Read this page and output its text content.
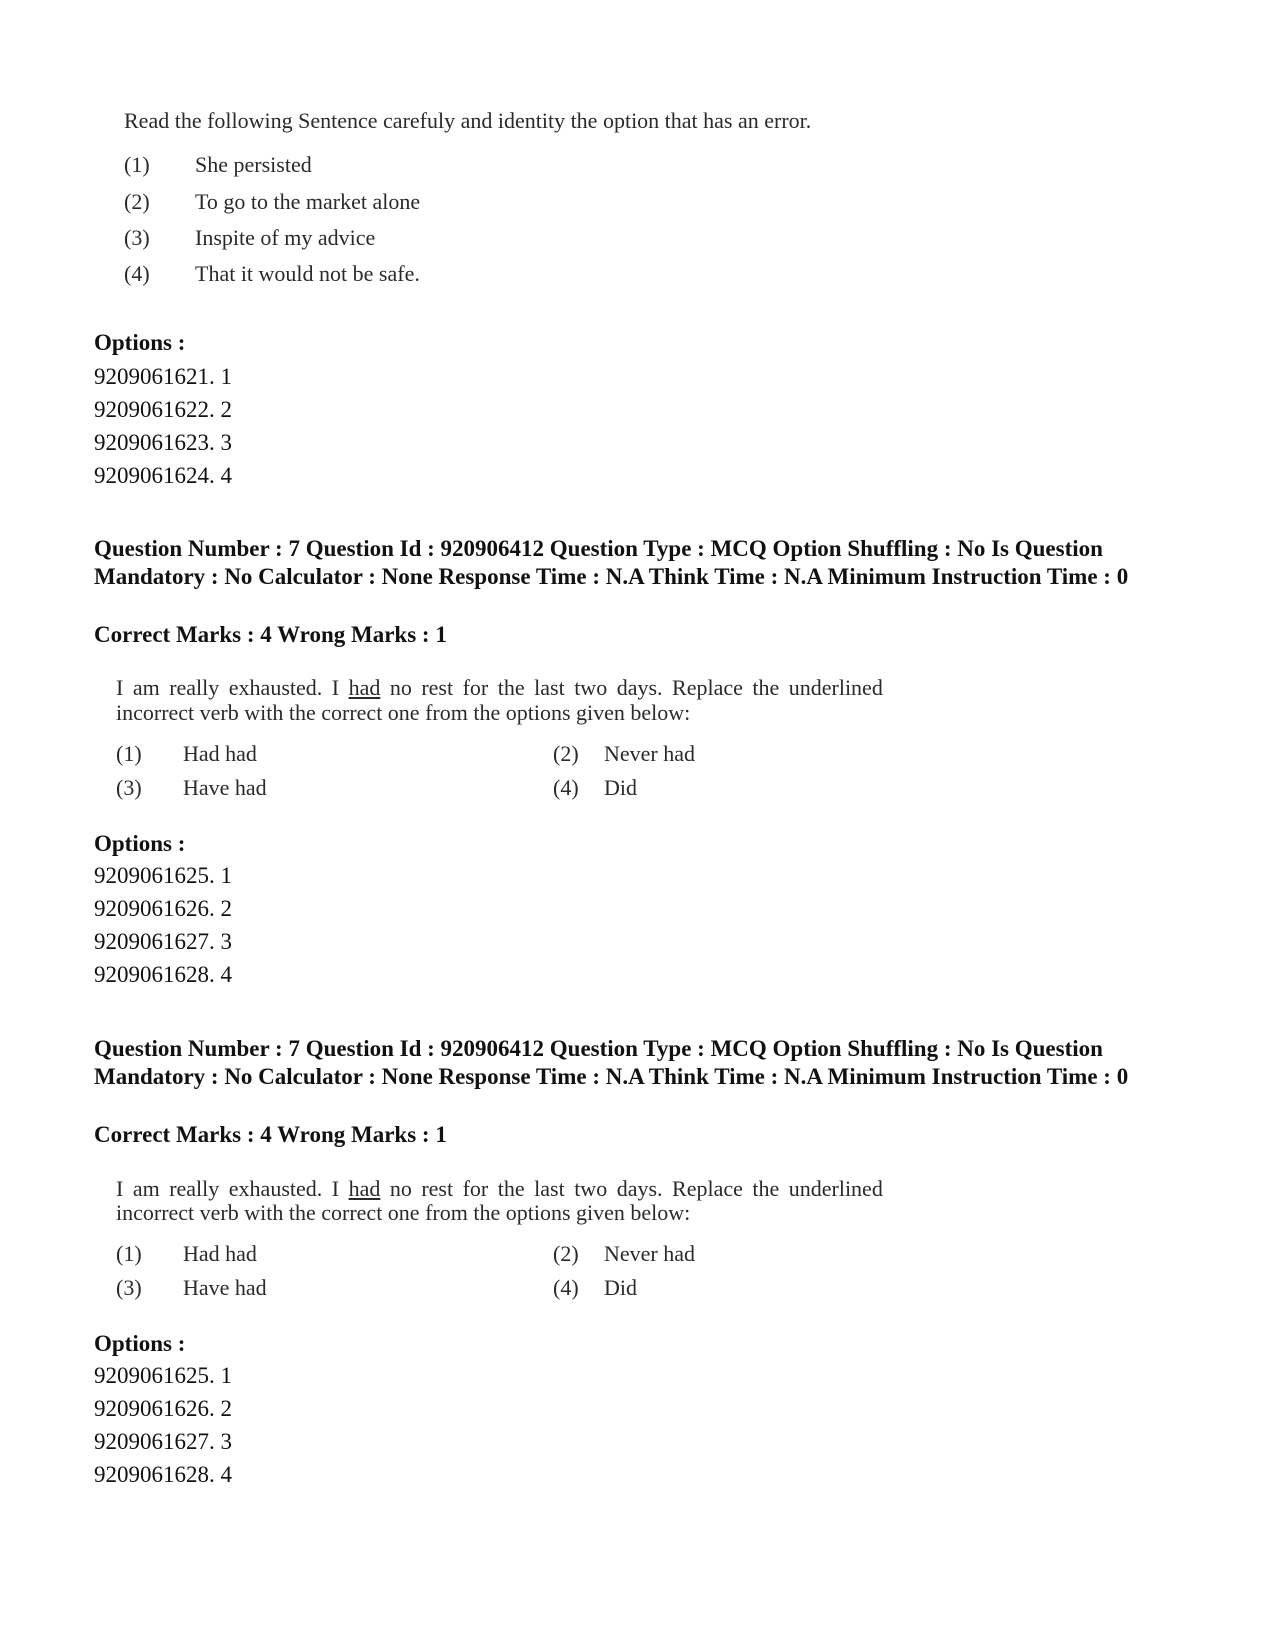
Read the following Sentence carefuly and identity the option that has an error.
(1) She persisted
(2) To go to the market alone
(3) Inspite of my advice
(4) That it would not be safe.
Options :
9209061621. 1
9209061622. 2
9209061623. 3
9209061624. 4
Question Number : 7 Question Id : 920906412 Question Type : MCQ Option Shuffling : No Is Question Mandatory : No Calculator : None Response Time : N.A Think Time : N.A Minimum Instruction Time : 0
Correct Marks : 4 Wrong Marks : 1
I am really exhausted. I had no rest for the last two days. Replace the underlined
incorrect verb with the correct one from the options given below:
(1) Had had	(2) Never had
(3) Have had	(4) Did
Options :
9209061625. 1
9209061626. 2
9209061627. 3
9209061628. 4
Question Number : 7 Question Id : 920906412 Question Type : MCQ Option Shuffling : No Is Question Mandatory : No Calculator : None Response Time : N.A Think Time : N.A Minimum Instruction Time : 0
Correct Marks : 4 Wrong Marks : 1
I am really exhausted. I had no rest for the last two days. Replace the underlined
incorrect verb with the correct one from the options given below:
(1) Had had	(2) Never had
(3) Have had	(4) Did
Options :
9209061625. 1
9209061626. 2
9209061627. 3
9209061628. 4
